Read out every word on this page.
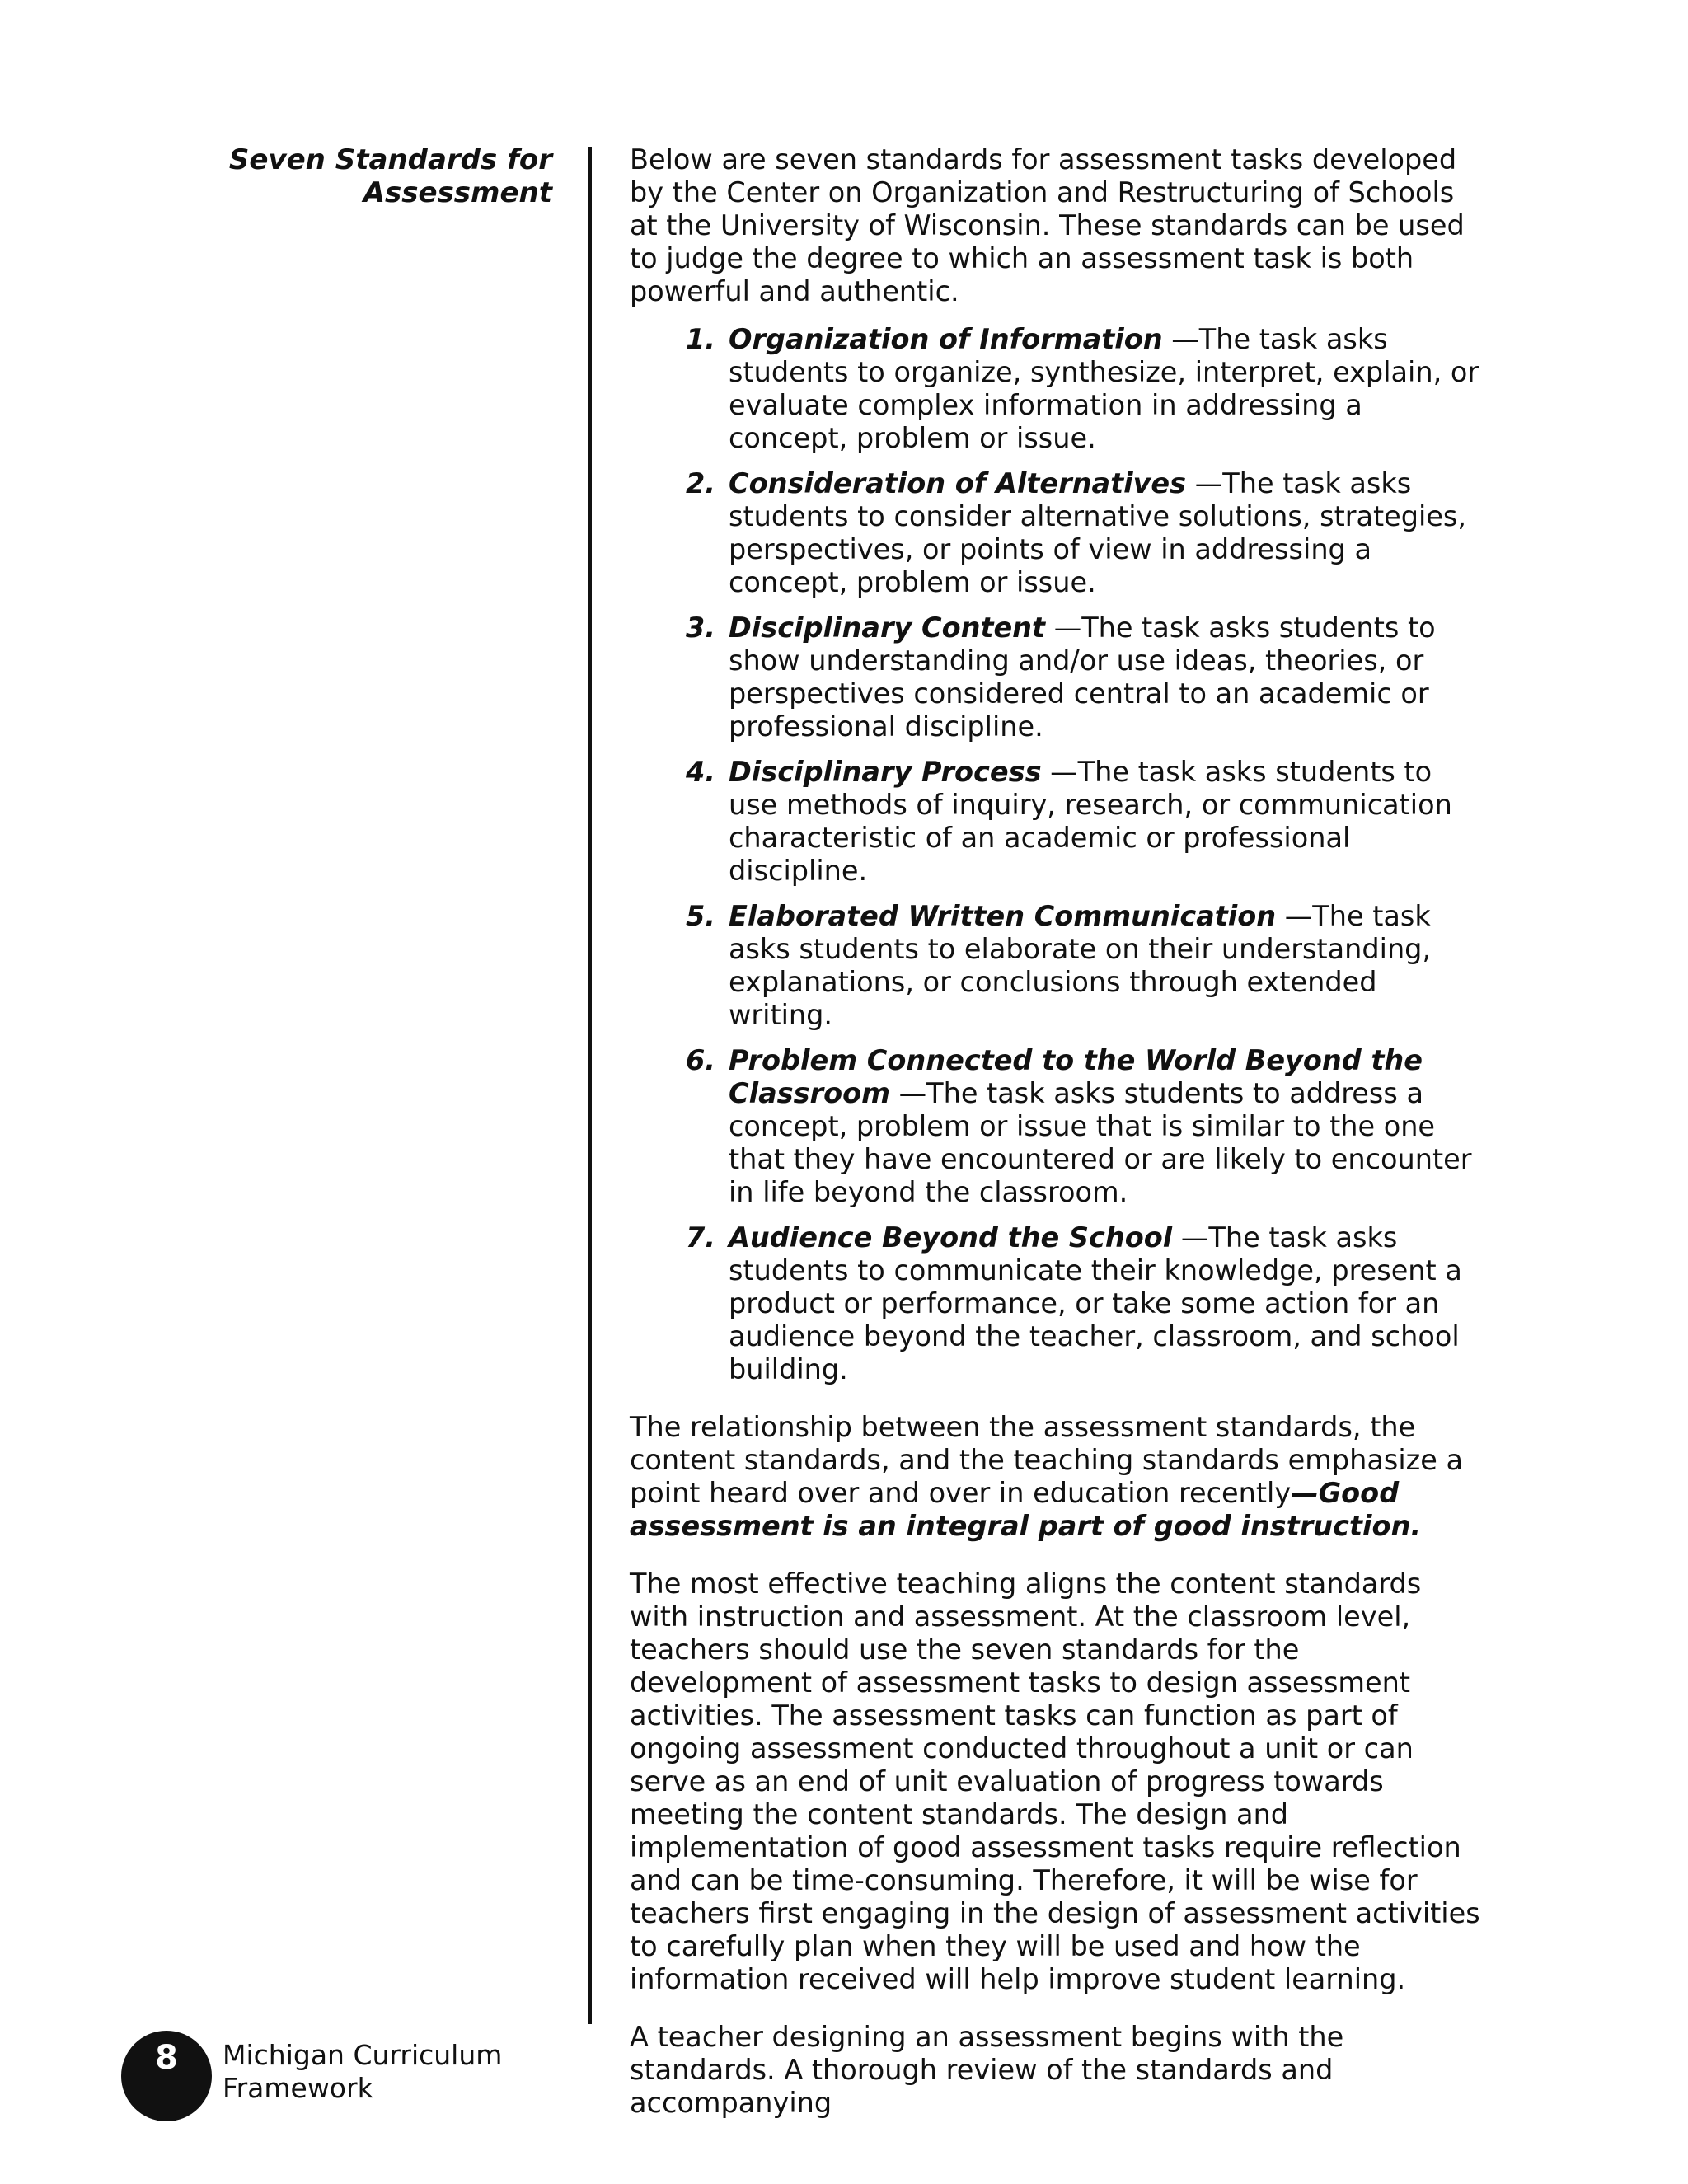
Seven Standards for
Assessment

Below are seven standards for assessment tasks developed by the Center on Organization and Restructuring of Schools at the University of Wisconsin. These standards can be used to judge the degree to which an assessment task is both powerful and authentic.

1. Organization of Information —The task asks students to organize, synthesize, interpret, explain, or evaluate complex information in addressing a concept, problem or issue.
2. Consideration of Alternatives —The task asks students to consider alternative solutions, strategies, perspectives, or points of view in addressing a concept, problem or issue.
3. Disciplinary Content —The task asks students to show understanding and/or use ideas, theories, or perspectives considered central to an academic or professional discipline.
4. Disciplinary Process —The task asks students to use methods of inquiry, research, or communication characteristic of an academic or professional discipline.
5. Elaborated Written Communication —The task asks students to elaborate on their understanding, explanations, or conclusions through extended writing.
6. Problem Connected to the World Beyond the Classroom —The task asks students to address a concept, problem or issue that is similar to the one that they have encountered or are likely to encounter in life beyond the classroom.
7. Audience Beyond the School —The task asks students to communicate their knowledge, present a product or performance, or take some action for an audience beyond the teacher, classroom, and school building.

The relationship between the assessment standards, the content standards, and the teaching standards emphasize a point heard over and over in education recently—Good assessment is an integral part of good instruction.

The most effective teaching aligns the content standards with instruction and assessment. At the classroom level, teachers should use the seven standards for the development of assessment tasks to design assessment activities. The assessment tasks can function as part of ongoing assessment conducted throughout a unit or can serve as an end of unit evaluation of progress towards meeting the content standards. The design and implementation of good assessment tasks require reflection and can be time-consuming. Therefore, it will be wise for teachers first engaging in the design of assessment activities to carefully plan when they will be used and how the information received will help improve student learning.

A teacher designing an assessment begins with the standards. A thorough review of the standards and accompanying

8	Michigan Curriculum Framework
